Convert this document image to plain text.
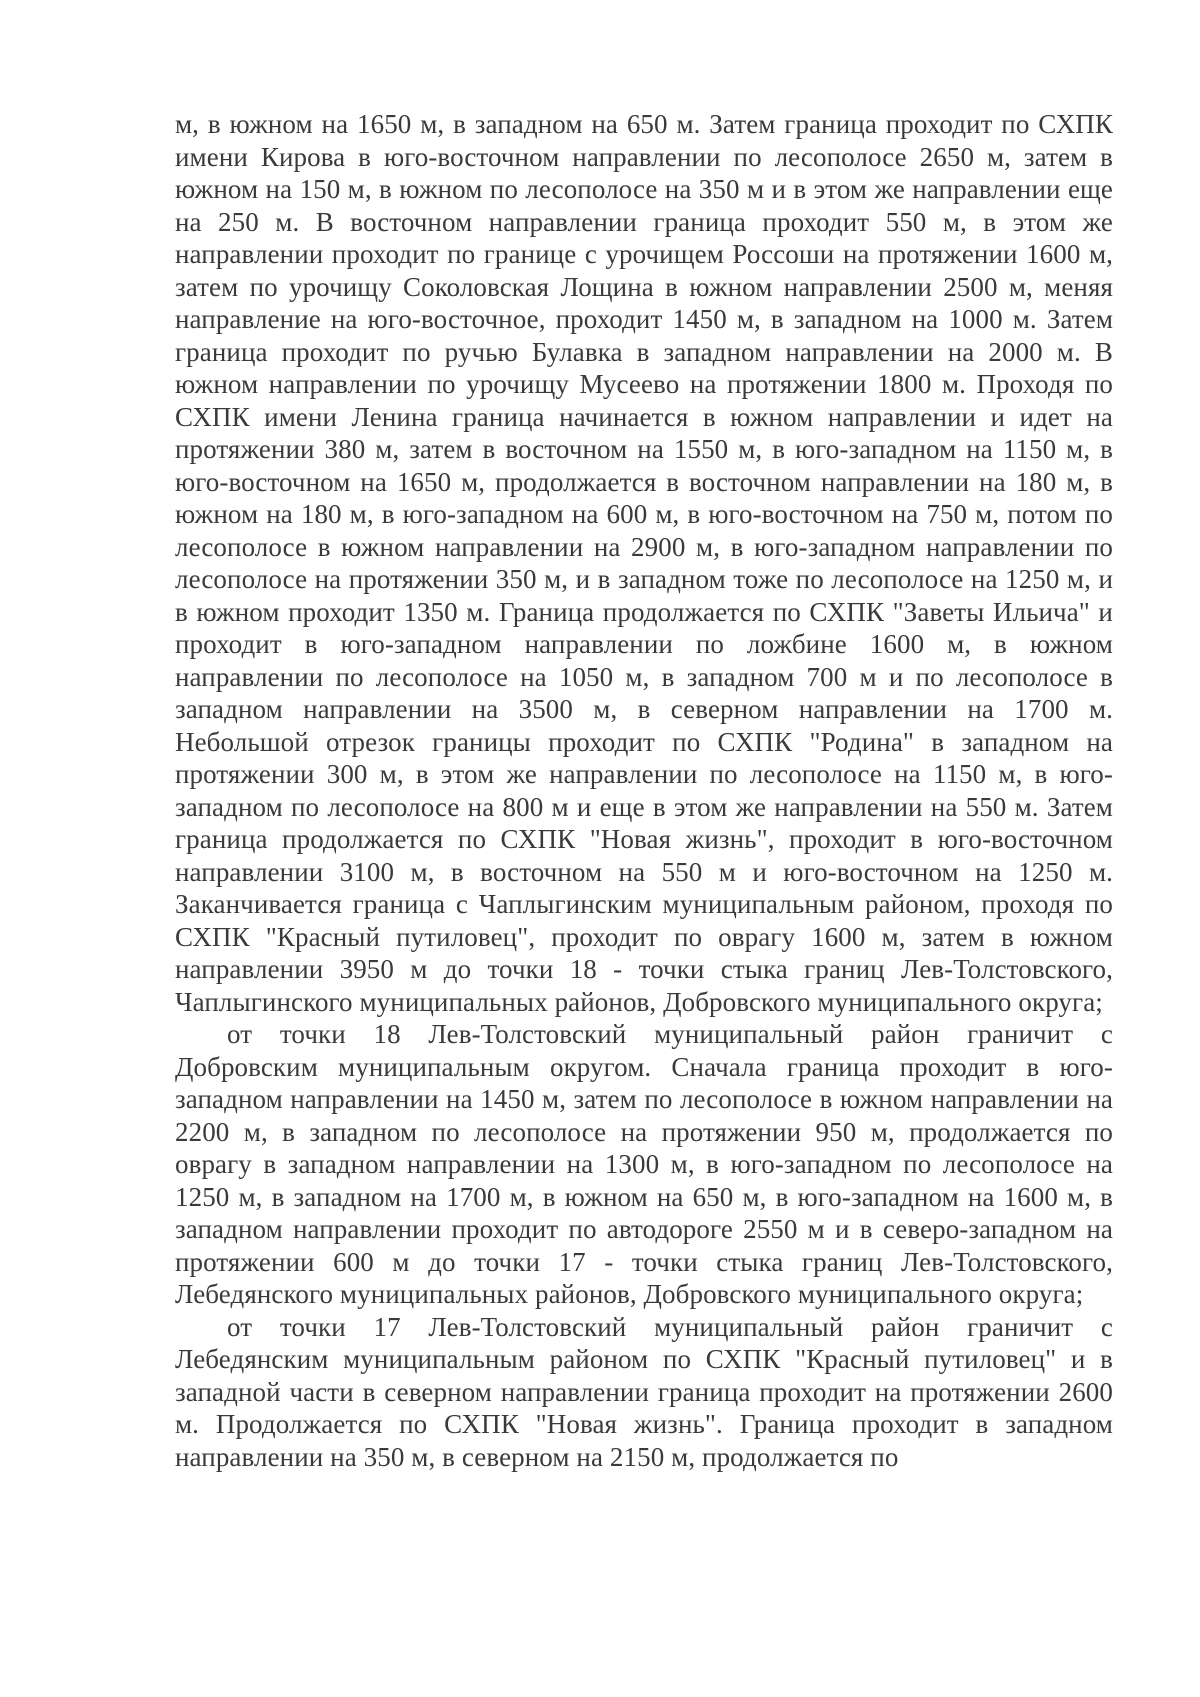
м, в южном на 1650 м, в западном на 650 м. Затем граница проходит по СХПК имени Кирова в юго-восточном направлении по лесополосе 2650 м, затем в южном на 150 м, в южном по лесополосе на 350 м и в этом же направлении еще на 250 м. В восточном направлении граница проходит 550 м, в этом же направлении проходит по границе с урочищем Россоши на протяжении 1600 м, затем по урочищу Соколовская Лощина в южном направлении 2500 м, меняя направление на юго-восточное, проходит 1450 м, в западном на 1000 м. Затем граница проходит по ручью Булавка в западном направлении на 2000 м. В южном направлении по урочищу Мусеево на протяжении 1800 м. Проходя по СХПК имени Ленина граница начинается в южном направлении и идет на протяжении 380 м, затем в восточном на 1550 м, в юго-западном на 1150 м, в юго-восточном на 1650 м, продолжается в восточном направлении на 180 м, в южном на 180 м, в юго-западном на 600 м, в юго-восточном на 750 м, потом по лесополосе в южном направлении на 2900 м, в юго-западном направлении по лесополосе на протяжении 350 м, и в западном тоже по лесополосе на 1250 м, и в южном проходит 1350 м. Граница продолжается по СХПК "Заветы Ильича" и проходит в юго-западном направлении по ложбине 1600 м, в южном направлении по лесополосе на 1050 м, в западном 700 м и по лесополосе в западном направлении на 3500 м, в северном направлении на 1700 м. Небольшой отрезок границы проходит по СХПК "Родина" в западном на протяжении 300 м, в этом же направлении по лесополосе на 1150 м, в юго-западном по лесополосе на 800 м и еще в этом же направлении на 550 м. Затем граница продолжается по СХПК "Новая жизнь", проходит в юго-восточном направлении 3100 м, в восточном на 550 м и юго-восточном на 1250 м. Заканчивается граница с Чаплыгинским муниципальным районом, проходя по СХПК "Красный путиловец", проходит по оврагу 1600 м, затем в южном направлении 3950 м до точки 18 - точки стыка границ Лев-Толстовского, Чаплыгинского муниципальных районов, Добровского муниципального округа;

от точки 18 Лев-Толстовский муниципальный район граничит с Добровским муниципальным округом. Сначала граница проходит в юго-западном направлении на 1450 м, затем по лесополосе в южном направлении на 2200 м, в западном по лесополосе на протяжении 950 м, продолжается по оврагу в западном направлении на 1300 м, в юго-западном по лесополосе на 1250 м, в западном на 1700 м, в южном на 650 м, в юго-западном на 1600 м, в западном направлении проходит по автодороге 2550 м и в северо-западном на протяжении 600 м до точки 17 - точки стыка границ Лев-Толстовского, Лебедянского муниципальных районов, Добровского муниципального округа;

от точки 17 Лев-Толстовский муниципальный район граничит с Лебедянским муниципальным районом по СХПК "Красный путиловец" и в западной части в северном направлении граница проходит на протяжении 2600 м. Продолжается по СХПК "Новая жизнь". Граница проходит в западном направлении на 350 м, в северном на 2150 м, продолжается по
